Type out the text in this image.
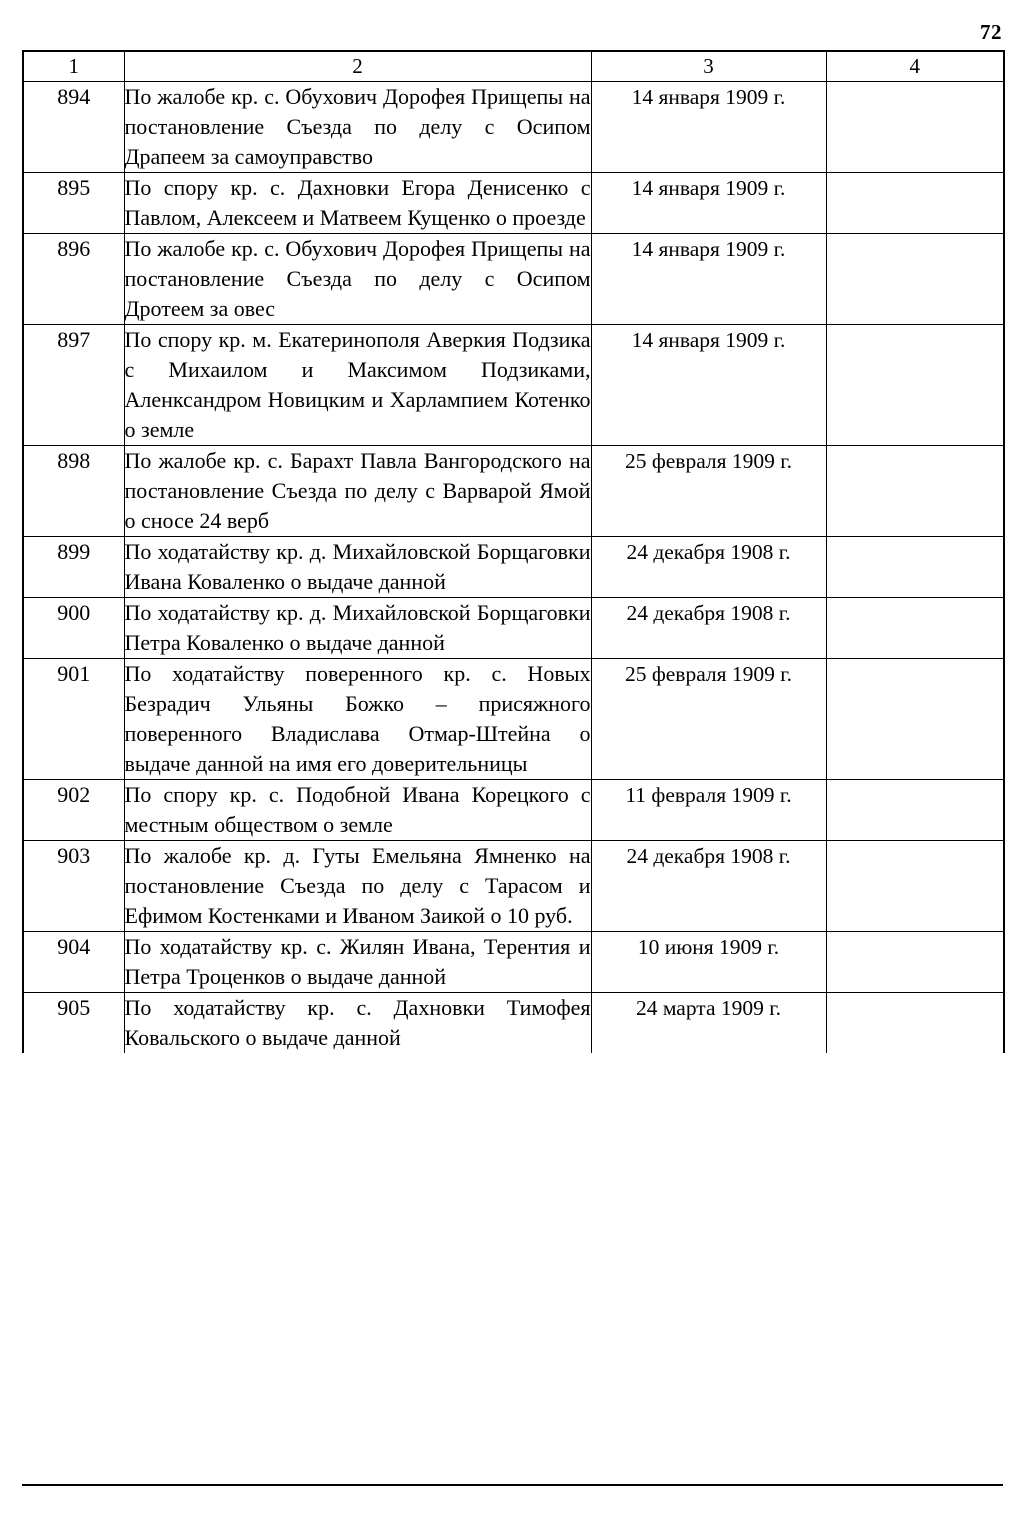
72
1	2	3	4
894	По жалобе кр. с. Обухович Дорофея Прищепы на постановление Съезда по делу с Осипом Драпеем за самоуправство	14 января 1909 г.	
895	По спору кр. с. Дахновки Егора Денисенко с Павлом, Алексеем и Матвеем Кущенко о проезде	14 января 1909 г.	
896	По жалобе кр. с. Обухович Дорофея Прищепы на постановление Съезда по делу с Осипом Дротеем за овес	14 января 1909 г.	
897	По спору кр. м. Екатеринополя Аверкия Подзика с Михаилом и Максимом Подзиками, Аленксандром Новицким и Харлампием Котенко о земле	14 января 1909 г.	
898	По жалобе кр. с. Барахт Павла Вангородского на постановление Съезда по делу с Варварой Ямой о сносе 24 верб	25 февраля 1909 г.	
899	По ходатайству кр. д. Михайловской Борщаговки Ивана Коваленко о выдаче данной	24 декабря 1908 г.	
900	По ходатайству кр. д. Михайловской Борщаговки Петра Коваленко о выдаче данной	24 декабря 1908 г.	
901	По ходатайству поверенного кр. с. Новых Безрадич Ульяны Божко – присяжного поверенного Владислава Отмар-Штейна о выдаче данной на имя его доверительницы	25 февраля 1909 г.	
902	По спору кр. с. Подобной Ивана Корецкого с местным обществом о земле	11 февраля 1909 г.	
903	По жалобе кр. д. Гуты Емельяна Ямненко на постановление Съезда по делу с Тарасом и Ефимом Костенками и Иваном Заикой о 10 руб.	24 декабря 1908 г.	
904	По ходатайству кр. с. Жилян Ивана, Терентия и Петра Троценков о выдаче данной	10 июня 1909 г.	
905	По ходатайству кр. с. Дахновки Тимофея Ковальского о выдаче данной	24 марта 1909 г.	
